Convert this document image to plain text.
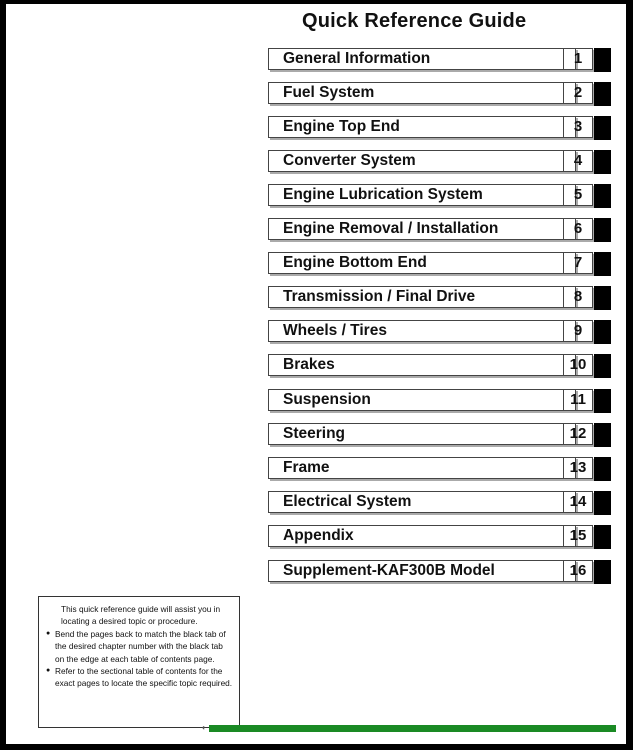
Quick Reference Guide
General Information	1
Fuel System	2
Engine Top End	3
Converter System	4
Engine Lubrication System	5
Engine Removal / Installation	6
Engine Bottom End	7
Transmission / Final Drive	8
Wheels / Tires	9
Brakes	10
Suspension	11
Steering	12
Frame	13
Electrical System	14
Appendix	15
Supplement-KAF300B Model	16

This quick reference guide will assist you in locating a desired topic or procedure.

● Bend the pages back to match the black tab of the desired chapter number with the black tab on the edge at each table of contents page.
● Refer to the sectional table of contents for the exact pages to locate the specific topic required.
◖
